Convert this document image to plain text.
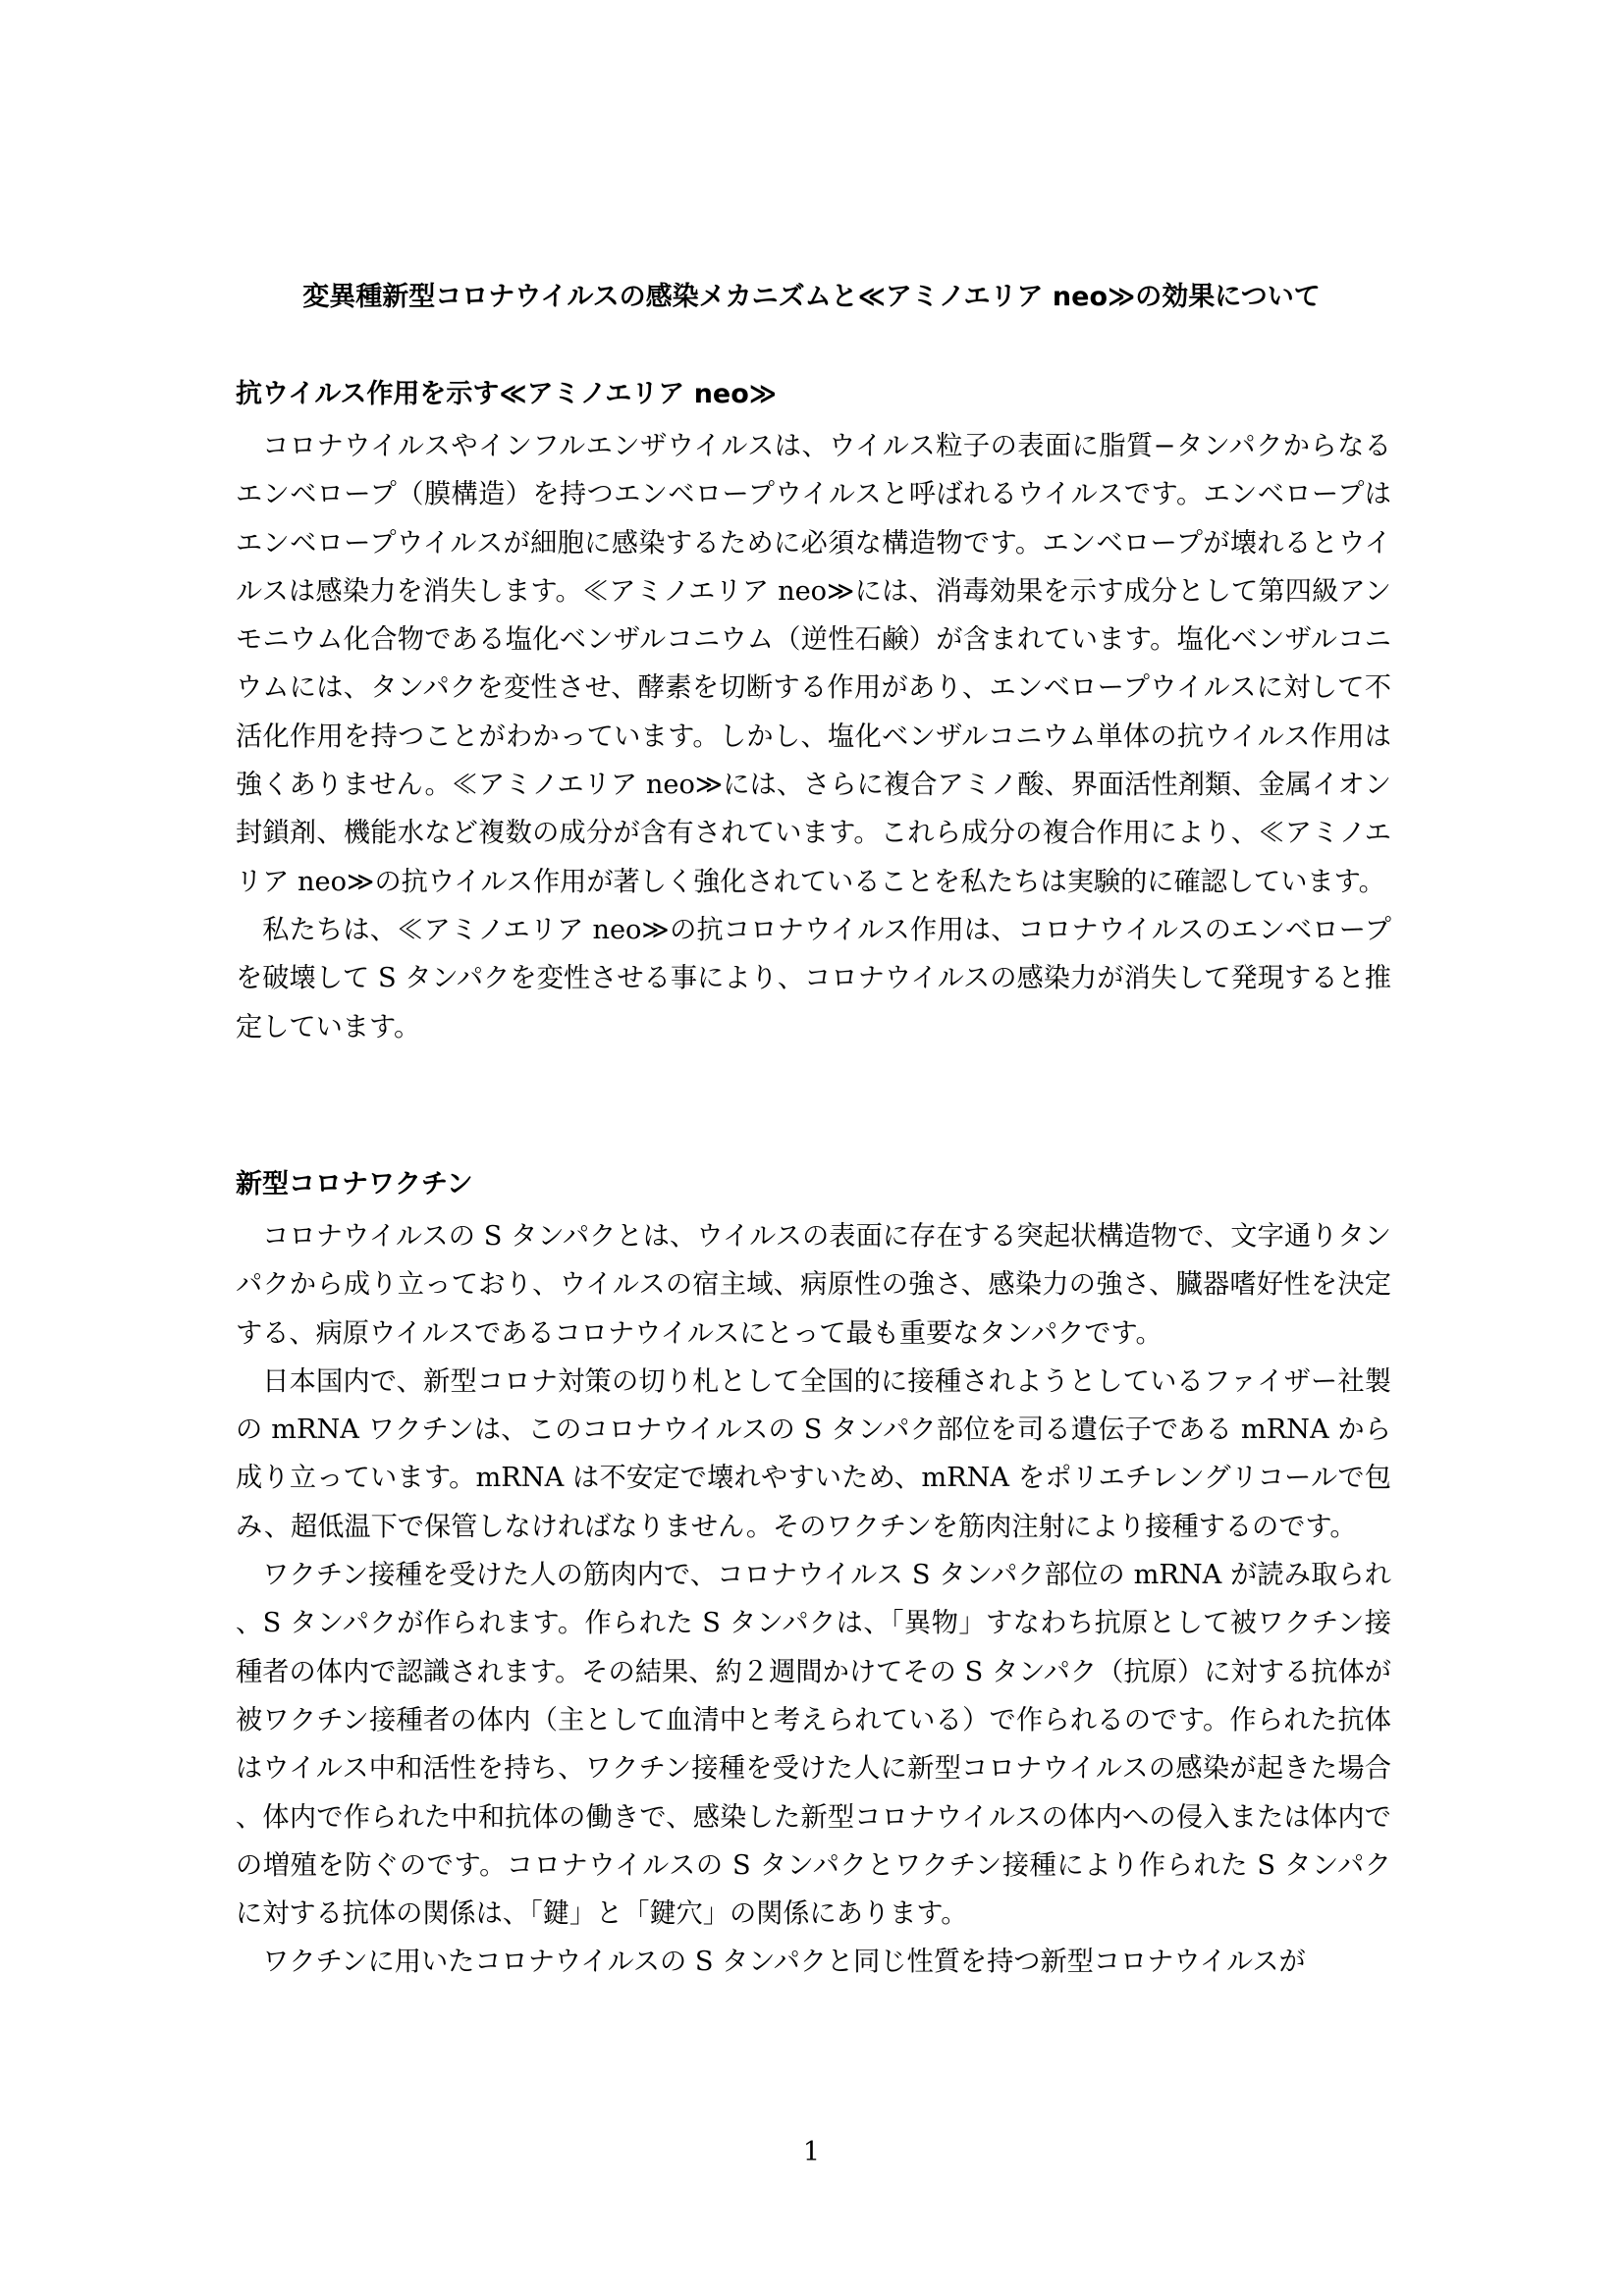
変異種新型コロナウイルスの感染メカニズムと≪アミノエリア neo≫の効果について
抗ウイルス作用を示す≪アミノエリア neo≫

コロナウイルスやインフルエンザウイルスは、ウイルス粒子の表面に脂質−タンパクからなるエンベロープ（膜構造）を持つエンベロープウイルスと呼ばれるウイルスです。エンベロープはエンベロープウイルスが細胞に感染するために必須な構造物です。エンベロープが壊れるとウイルスは感染力を消失します。≪アミノエリア neo≫には、消毒効果を示す成分として第四級アンモニウム化合物である塩化ベンザルコニウム（逆性石鹸）が含まれています。塩化ベンザルコニウムには、タンパクを変性させ、酵素を切断する作用があり、エンベロープウイルスに対して不活化作用を持つことがわかっています。しかし、塩化ベンザルコニウム単体の抗ウイルス作用は強くありません。≪アミノエリア neo≫には、さらに複合アミノ酸、界面活性剤類、金属イオン封鎖剤、機能水など複数の成分が含有されています。これら成分の複合作用により、≪アミノエリア neo≫の抗ウイルス作用が著しく強化されていることを私たちは実験的に確認しています。

私たちは、≪アミノエリア neo≫の抗コロナウイルス作用は、コロナウイルスのエンベロープを破壊して S タンパクを変性させる事により、コロナウイルスの感染力が消失して発現すると推定しています。

新型コロナワクチン

コロナウイルスの S タンパクとは、ウイルスの表面に存在する突起状構造物で、文字通りタンパクから成り立っており、ウイルスの宿主域、病原性の強さ、感染力の強さ、臓器嗜好性を決定する、病原ウイルスであるコロナウイルスにとって最も重要なタンパクです。

日本国内で、新型コロナ対策の切り札として全国的に接種されようとしているファイザー社製の mRNA ワクチンは、このコロナウイルスの S タンパク部位を司る遺伝子である mRNA から成り立っています。mRNA は不安定で壊れやすいため、mRNA をポリエチレングリコールで包み、超低温下で保管しなければなりません。そのワクチンを筋肉注射により接種するのです。

ワクチン接種を受けた人の筋肉内で、コロナウイルス S タンパク部位の mRNA が読み取られ、S タンパクが作られます。作られた S タンパクは、「異物」すなわち抗原として被ワクチン接種者の体内で認識されます。その結果、約２週間かけてその S タンパク（抗原）に対する抗体が被ワクチン接種者の体内（主として血清中と考えられている）で作られるのです。作られた抗体はウイルス中和活性を持ち、ワクチン接種を受けた人に新型コロナウイルスの感染が起きた場合、体内で作られた中和抗体の働きで、感染した新型コロナウイルスの体内への侵入または体内での増殖を防ぐのです。コロナウイルスの S タンパクとワクチン接種により作られた S タンパクに対する抗体の関係は、「鍵」と「鍵穴」の関係にあります。

ワクチンに用いたコロナウイルスの S タンパクと同じ性質を持つ新型コロナウイルスが

1
